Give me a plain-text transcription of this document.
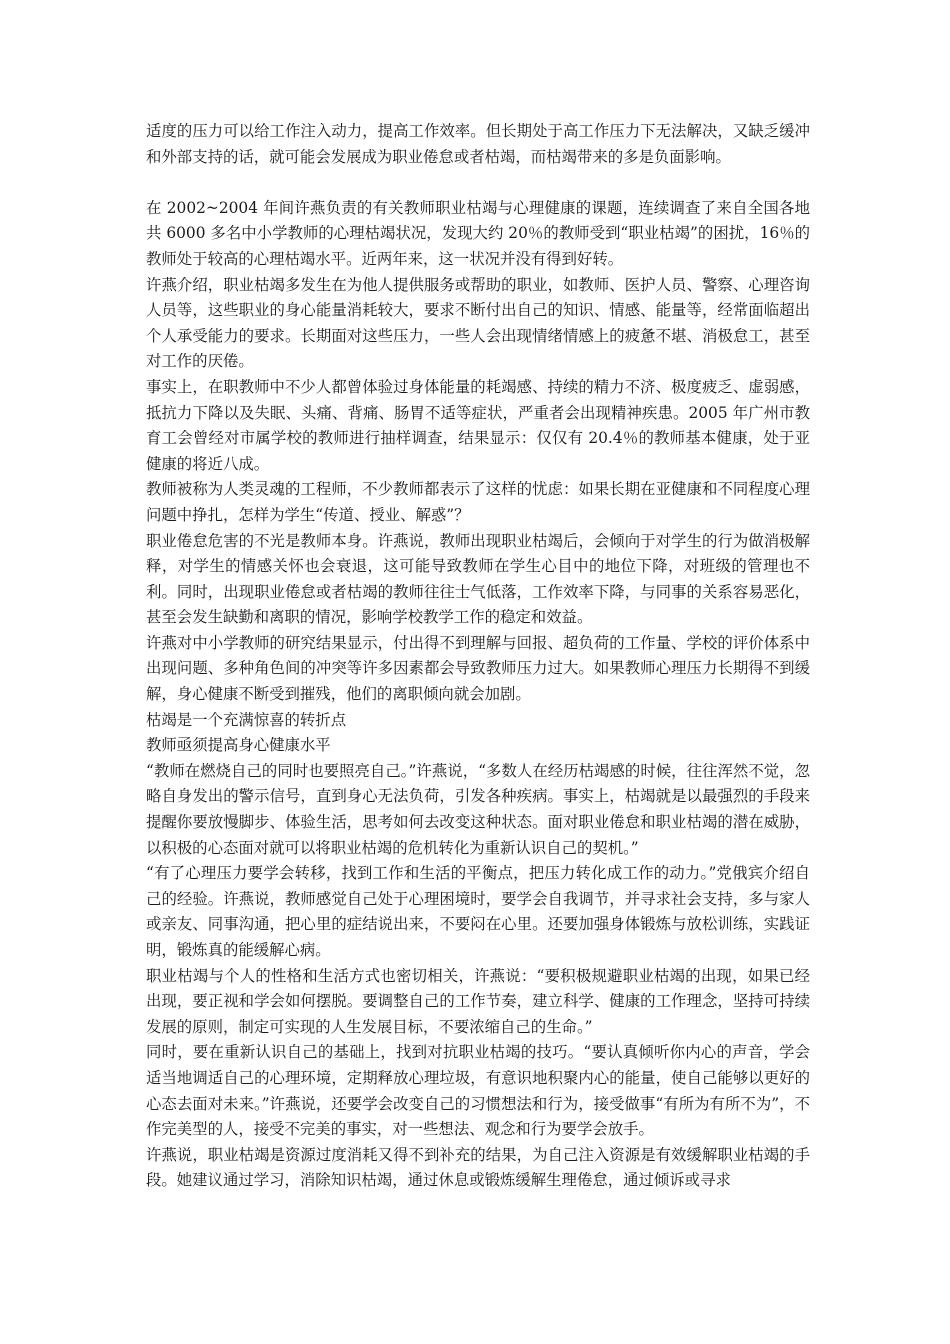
适度的压力可以给工作注入动力，提高工作效率。但长期处于高工作压力下无法解决，又缺乏缓冲和外部支持的话，就可能会发展成为职业倦怠或者枯竭，而枯竭带来的多是负面影响。

在 2002~2004 年间许燕负责的有关教师职业枯竭与心理健康的课题，连续调查了来自全国各地共 6000 多名中小学教师的心理枯竭状况，发现大约 20％的教师受到“职业枯竭”的困扰，16％的教师处于较高的心理枯竭水平。近两年来，这一状况并没有得到好转。

许燕介绍，职业枯竭多发生在为他人提供服务或帮助的职业，如教师、医护人员、警察、心理咨询人员等，这些职业的身心能量消耗较大，要求不断付出自己的知识、情感、能量等，经常面临超出个人承受能力的要求。长期面对这些压力，一些人会出现情绪情感上的疲惫不堪、消极怠工，甚至对工作的厌倦。

事实上，在职教师中不少人都曾体验过身体能量的耗竭感、持续的精力不济、极度疲乏、虚弱感，抵抗力下降以及失眠、头痛、背痛、肠胃不适等症状，严重者会出现精神疾患。2005 年广州市教育工会曾经对市属学校的教师进行抽样调查，结果显示：仅仅有 20.4％的教师基本健康，处于亚健康的将近八成。

教师被称为人类灵魂的工程师，不少教师都表示了这样的忧虑：如果长期在亚健康和不同程度心理问题中挣扎，怎样为学生“传道、授业、解惑”？

职业倦怠危害的不光是教师本身。许燕说，教师出现职业枯竭后，会倾向于对学生的行为做消极解释，对学生的情感关怀也会衰退，这可能导致教师在学生心目中的地位下降，对班级的管理也不利。同时，出现职业倦怠或者枯竭的教师往往士气低落，工作效率下降，与同事的关系容易恶化，甚至会发生缺勤和离职的情况，影响学校教学工作的稳定和效益。

许燕对中小学教师的研究结果显示，付出得不到理解与回报、超负荷的工作量、学校的评价体系中出现问题、多种角色间的冲突等许多因素都会导致教师压力过大。如果教师心理压力长期得不到缓解，身心健康不断受到摧残，他们的离职倾向就会加剧。

枯竭是一个充满惊喜的转折点

教师亟须提高身心健康水平

“教师在燃烧自己的同时也要照亮自己。”许燕说，“多数人在经历枯竭感的时候，往往浑然不觉，忽略自身发出的警示信号，直到身心无法负荷，引发各种疾病。事实上，枯竭就是以最强烈的手段来提醒你要放慢脚步、体验生活，思考如何去改变这种状态。面对职业倦怠和职业枯竭的潜在威胁，以积极的心态面对就可以将职业枯竭的危机转化为重新认识自己的契机。”

“有了心理压力要学会转移，找到工作和生活的平衡点，把压力转化成工作的动力。”党俄宾介绍自己的经验。许燕说，教师感觉自己处于心理困境时，要学会自我调节，并寻求社会支持，多与家人或亲友、同事沟通，把心里的症结说出来，不要闷在心里。还要加强身体锻炼与放松训练，实践证明，锻炼真的能缓解心病。

职业枯竭与个人的性格和生活方式也密切相关，许燕说：“要积极规避职业枯竭的出现，如果已经出现，要正视和学会如何摆脱。要调整自己的工作节奏，建立科学、健康的工作理念，坚持可持续发展的原则，制定可实现的人生发展目标，不要浓缩自己的生命。”

同时，要在重新认识自己的基础上，找到对抗职业枯竭的技巧。“要认真倾听你内心的声音，学会适当地调适自己的心理环境，定期释放心理垃圾，有意识地积聚内心的能量，使自己能够以更好的心态去面对未来。”许燕说，还要学会改变自己的习惯想法和行为，接受做事“有所为有所不为”，不作完美型的人，接受不完美的事实，对一些想法、观念和行为要学会放手。

许燕说，职业枯竭是资源过度消耗又得不到补充的结果，为自己注入资源是有效缓解职业枯竭的手段。她建议通过学习，消除知识枯竭，通过休息或锻炼缓解生理倦怠，通过倾诉或寻求
